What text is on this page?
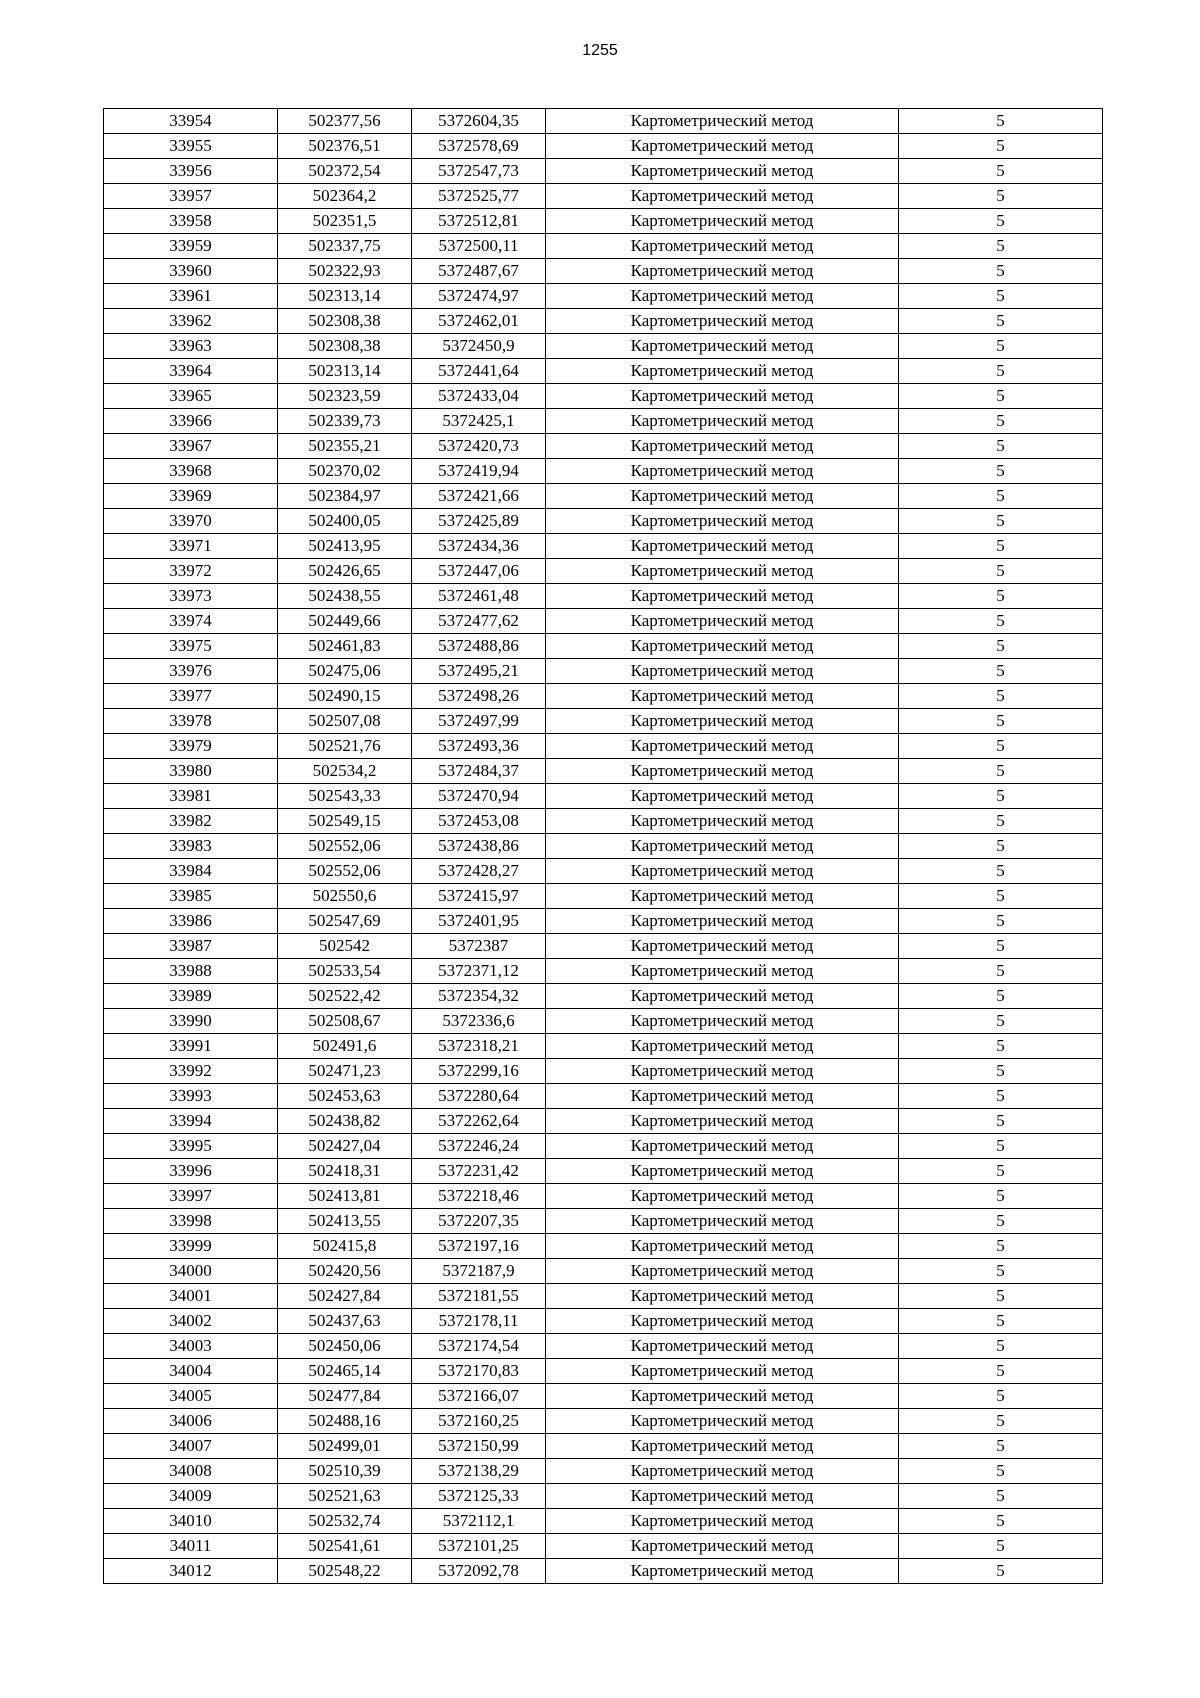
1255
33954	502377,56	5372604,35	Картометрический метод	5
33955	502376,51	5372578,69	Картометрический метод	5
33956	502372,54	5372547,73	Картометрический метод	5
33957	502364,2	5372525,77	Картометрический метод	5
33958	502351,5	5372512,81	Картометрический метод	5
33959	502337,75	5372500,11	Картометрический метод	5
33960	502322,93	5372487,67	Картометрический метод	5
33961	502313,14	5372474,97	Картометрический метод	5
33962	502308,38	5372462,01	Картометрический метод	5
33963	502308,38	5372450,9	Картометрический метод	5
33964	502313,14	5372441,64	Картометрический метод	5
33965	502323,59	5372433,04	Картометрический метод	5
33966	502339,73	5372425,1	Картометрический метод	5
33967	502355,21	5372420,73	Картометрический метод	5
33968	502370,02	5372419,94	Картометрический метод	5
33969	502384,97	5372421,66	Картометрический метод	5
33970	502400,05	5372425,89	Картометрический метод	5
33971	502413,95	5372434,36	Картометрический метод	5
33972	502426,65	5372447,06	Картометрический метод	5
33973	502438,55	5372461,48	Картометрический метод	5
33974	502449,66	5372477,62	Картометрический метод	5
33975	502461,83	5372488,86	Картометрический метод	5
33976	502475,06	5372495,21	Картометрический метод	5
33977	502490,15	5372498,26	Картометрический метод	5
33978	502507,08	5372497,99	Картометрический метод	5
33979	502521,76	5372493,36	Картометрический метод	5
33980	502534,2	5372484,37	Картометрический метод	5
33981	502543,33	5372470,94	Картометрический метод	5
33982	502549,15	5372453,08	Картометрический метод	5
33983	502552,06	5372438,86	Картометрический метод	5
33984	502552,06	5372428,27	Картометрический метод	5
33985	502550,6	5372415,97	Картометрический метод	5
33986	502547,69	5372401,95	Картометрический метод	5
33987	502542	5372387	Картометрический метод	5
33988	502533,54	5372371,12	Картометрический метод	5
33989	502522,42	5372354,32	Картометрический метод	5
33990	502508,67	5372336,6	Картометрический метод	5
33991	502491,6	5372318,21	Картометрический метод	5
33992	502471,23	5372299,16	Картометрический метод	5
33993	502453,63	5372280,64	Картометрический метод	5
33994	502438,82	5372262,64	Картометрический метод	5
33995	502427,04	5372246,24	Картометрический метод	5
33996	502418,31	5372231,42	Картометрический метод	5
33997	502413,81	5372218,46	Картометрический метод	5
33998	502413,55	5372207,35	Картометрический метод	5
33999	502415,8	5372197,16	Картометрический метод	5
34000	502420,56	5372187,9	Картометрический метод	5
34001	502427,84	5372181,55	Картометрический метод	5
34002	502437,63	5372178,11	Картометрический метод	5
34003	502450,06	5372174,54	Картометрический метод	5
34004	502465,14	5372170,83	Картометрический метод	5
34005	502477,84	5372166,07	Картометрический метод	5
34006	502488,16	5372160,25	Картометрический метод	5
34007	502499,01	5372150,99	Картометрический метод	5
34008	502510,39	5372138,29	Картометрический метод	5
34009	502521,63	5372125,33	Картометрический метод	5
34010	502532,74	5372112,1	Картометрический метод	5
34011	502541,61	5372101,25	Картометрический метод	5
34012	502548,22	5372092,78	Картометрический метод	5
